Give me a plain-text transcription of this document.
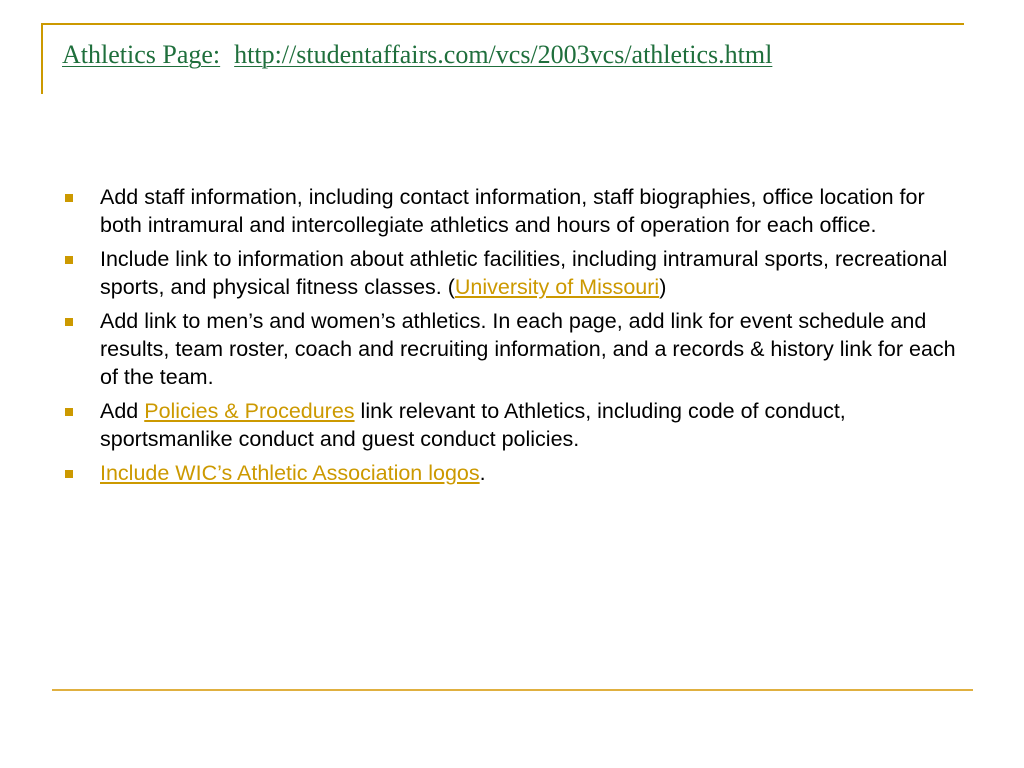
Athletics Page: http://studentaffairs.com/vcs/2003vcs/athletics.html
Add staff information, including contact information, staff biographies, office location for both intramural and intercollegiate athletics and hours of operation for each office.
Include link to information about athletic facilities, including intramural sports, recreational sports, and physical fitness classes. (University of Missouri)
Add link to men’s and women’s athletics. In each page, add link for event schedule and results, team roster, coach and recruiting information, and a records & history link for each of the team.
Add Policies & Procedures link relevant to Athletics, including code of conduct, sportsmanlike conduct and guest conduct policies.
Include WIC’s Athletic Association logos.
